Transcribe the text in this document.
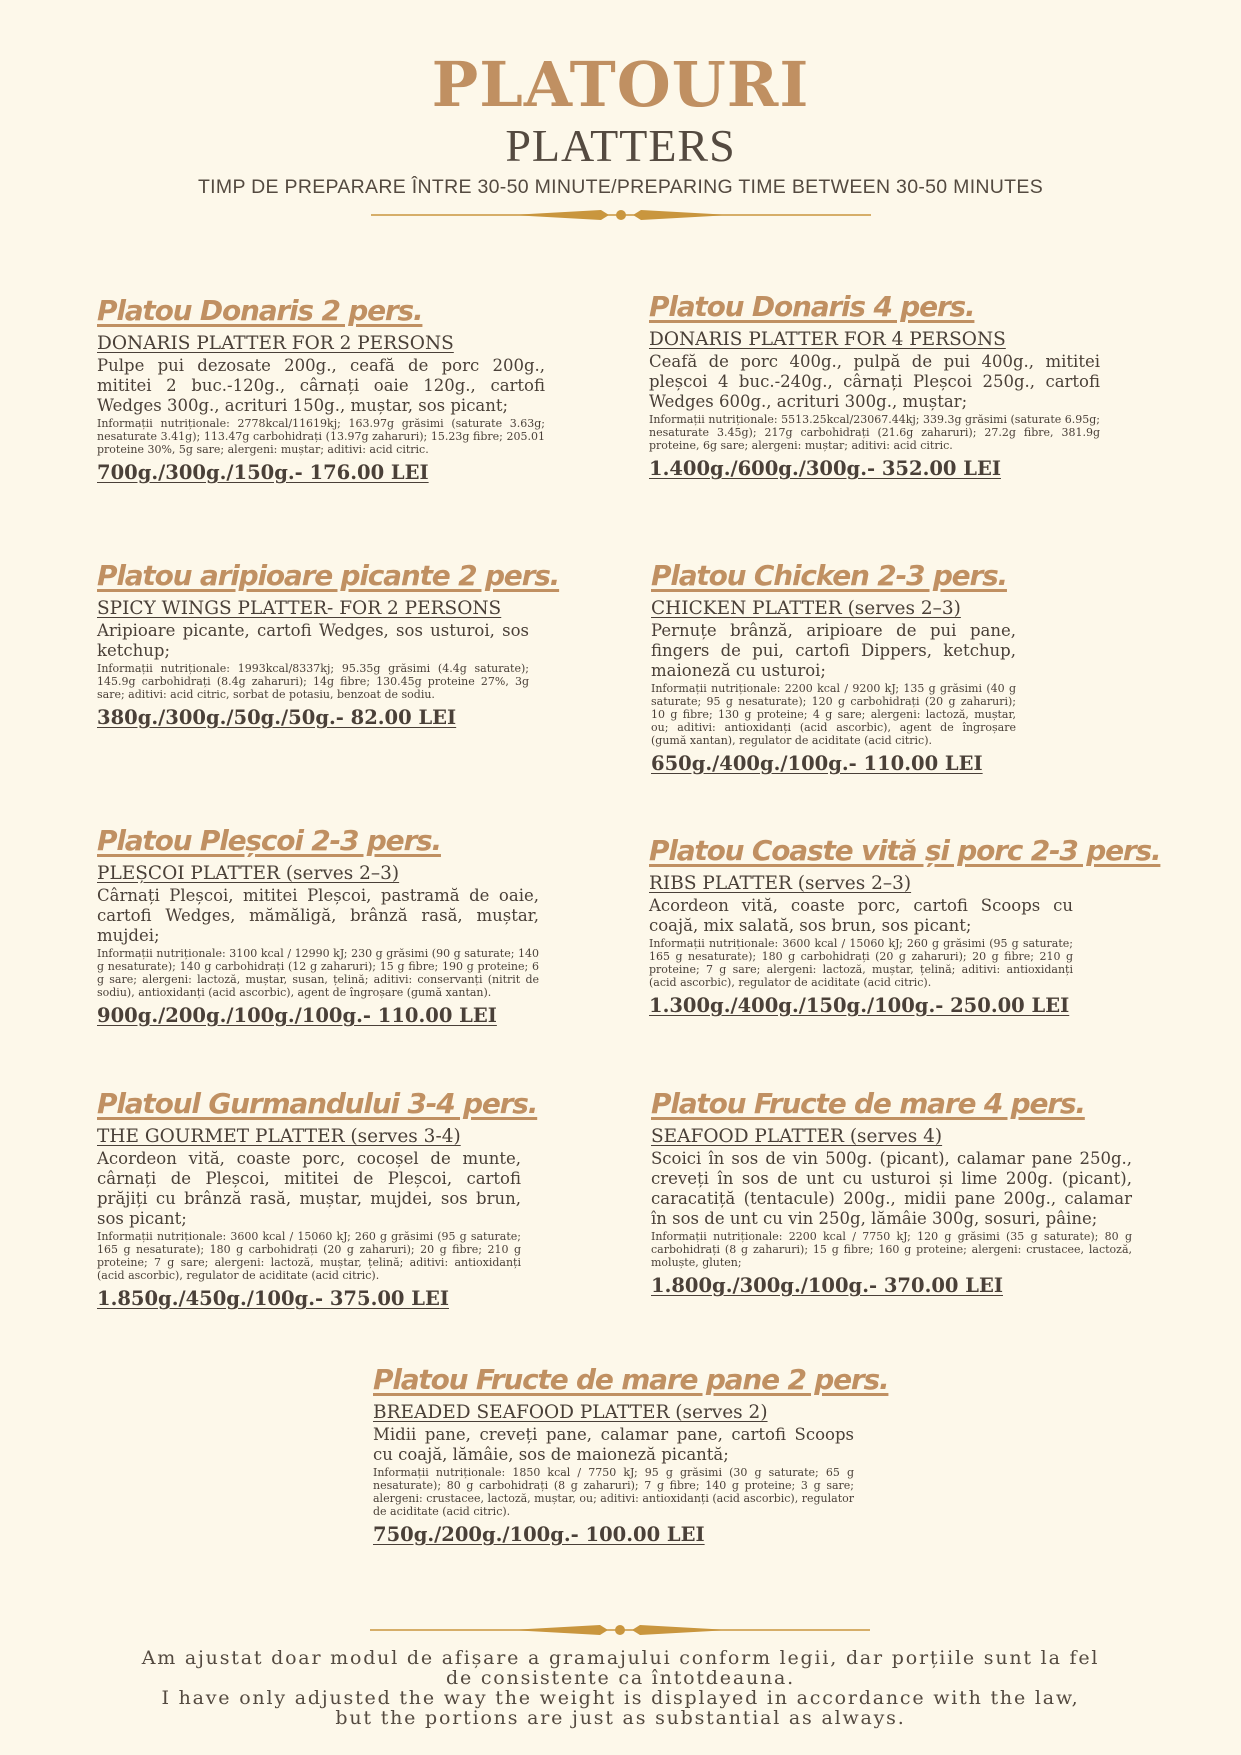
PLATOURI
PLATTERS
TIMP DE PREPARARE ÎNTRE 30-50 MINUTE/PREPARING TIME BETWEEN 30-50 MINUTES
Platou Donaris 2 pers.
DONARIS PLATTER FOR 2 PERSONS
Pulpe pui dezosate 200g., ceafă de porc 200g., mititei 2 buc.-120g., cârnați oaie 120g., cartofi Wedges 300g., acrituri 150g., muștar, sos picant;
Informații nutriționale: 2778kcal/11619kj; 163.97g grăsimi (saturate 3.63g; nesaturate 3.41g); 113.47g carbohidrați (13.97g zaharuri); 15.23g fibre; 205.01 proteine 30%, 5g sare; alergeni: muștar; aditivi: acid citric.
700g./300g./150g.- 176.00 LEI
Platou Donaris 4 pers.
DONARIS PLATTER FOR 4 PERSONS
Ceafă de porc 400g., pulpă de pui 400g., mititei pleșcoi 4 buc.-240g., cârnați Pleșcoi 250g., cartofi Wedges 600g., acrituri 300g., muștar;
Informații nutriționale: 5513.25kcal/23067.44kj; 339.3g grăsimi (saturate 6.95g; nesaturate 3.45g); 217g carbohidrați (21.6g zaharuri); 27.2g fibre, 381.9g proteine, 6g sare; alergeni: muștar; aditivi: acid citric.
1.400g./600g./300g.- 352.00 LEI
Platou aripioare picante 2 pers.
SPICY WINGS PLATTER- FOR 2 PERSONS
Aripioare picante, cartofi Wedges, sos usturoi, sos ketchup;
Informații nutriționale: 1993kcal/8337kj; 95.35g grăsimi (4.4g saturate); 145.9g carbohidrați (8.4g zaharuri); 14g fibre; 130.45g proteine 27%, 3g sare; aditivi: acid citric, sorbat de potasiu, benzoat de sodiu.
380g./300g./50g./50g.- 82.00 LEI
Platou Chicken 2-3 pers.
CHICKEN PLATTER (serves 2–3)
Pernuțe brânză, aripioare de pui pane, fingers de pui, cartofi Dippers, ketchup, maioneză cu usturoi;
Informații nutriționale: 2200 kcal / 9200 kJ; 135 g grăsimi (40 g saturate; 95 g nesaturate); 120 g carbohidrați (20 g zaharuri); 10 g fibre; 130 g proteine; 4 g sare; alergeni: lactoză, muștar, ou; aditivi: antioxidanți (acid ascorbic), agent de îngroșare (gumă xantan), regulator de aciditate (acid citric).
650g./400g./100g.- 110.00 LEI
Platou Pleșcoi 2-3 pers.
PLEȘCOI PLATTER (serves 2–3)
Cârnați Pleșcoi, mititei Pleșcoi, pastramă de oaie, cartofi Wedges, mămăligă, brânză rasă, muștar, mujdei;
Informații nutriționale: 3100 kcal / 12990 kJ; 230 g grăsimi (90 g saturate; 140 g nesaturate); 140 g carbohidrați (12 g zaharuri); 15 g fibre; 190 g proteine; 6 g sare; alergeni: lactoză, muștar, susan, țelină; aditivi: conservanți (nitrit de sodiu), antioxidanți (acid ascorbic), agent de îngroșare (gumă xantan).
900g./200g./100g./100g.- 110.00 LEI
Platou Coaste vită și porc 2-3 pers.
RIBS PLATTER (serves 2–3)
Acordeon vită, coaste porc, cartofi Scoops cu coajă, mix salată, sos brun, sos picant;
Informații nutriționale: 3600 kcal / 15060 kJ; 260 g grăsimi (95 g saturate; 165 g nesaturate); 180 g carbohidrați (20 g zaharuri); 20 g fibre; 210 g proteine; 7 g sare; alergeni: lactoză, muștar, țelină; aditivi: antioxidanți (acid ascorbic), regulator de aciditate (acid citric).
1.300g./400g./150g./100g.- 250.00 LEI
Platoul Gurmandului 3-4 pers.
THE GOURMET PLATTER (serves 3-4)
Acordeon vită, coaste porc, cocoșel de munte, cârnați de Pleșcoi, mititei de Pleșcoi, cartofi prăjiți cu brânză rasă, muștar, mujdei, sos brun, sos picant;
Informații nutriționale: 3600 kcal / 15060 kJ; 260 g grăsimi (95 g saturate; 165 g nesaturate); 180 g carbohidrați (20 g zaharuri); 20 g fibre; 210 g proteine; 7 g sare; alergeni: lactoză, muștar, țelină; aditivi: antioxidanți (acid ascorbic), regulator de aciditate (acid citric).
1.850g./450g./100g.- 375.00 LEI
Platou Fructe de mare 4 pers.
SEAFOOD PLATTER (serves 4)
Scoici în sos de vin 500g. (picant), calamar pane 250g., creveți în sos de unt cu usturoi și lime 200g. (picant), caracatiță (tentacule) 200g., midii pane 200g., calamar în sos de unt cu vin 250g, lămâie 300g, sosuri, pâine;
Informații nutriționale: 2200 kcal / 7750 kJ; 120 g grăsimi (35 g saturate); 80 g carbohidrați (8 g zaharuri); 15 g fibre; 160 g proteine; alergeni: crustacee, lactoză, moluște, gluten;
1.800g./300g./100g.- 370.00 LEI
Platou Fructe de mare pane 2 pers.
BREADED SEAFOOD PLATTER (serves 2)
Midii pane, creveți pane, calamar pane, cartofi Scoops cu coajă, lămâie, sos de maioneză picantă;
Informații nutriționale: 1850 kcal / 7750 kJ; 95 g grăsimi (30 g saturate; 65 g nesaturate); 80 g carbohidrați (8 g zaharuri); 7 g fibre; 140 g proteine; 3 g sare; alergeni: crustacee, lactoză, muștar, ou; aditivi: antioxidanți (acid ascorbic), regulator de aciditate (acid citric).
750g./200g./100g.- 100.00 LEI
Am ajustat doar modul de afișare a gramajului conform legii, dar porțiile sunt la fel
de consistente ca întotdeauna.
I have only adjusted the way the weight is displayed in accordance with the law,
but the portions are just as substantial as always.
